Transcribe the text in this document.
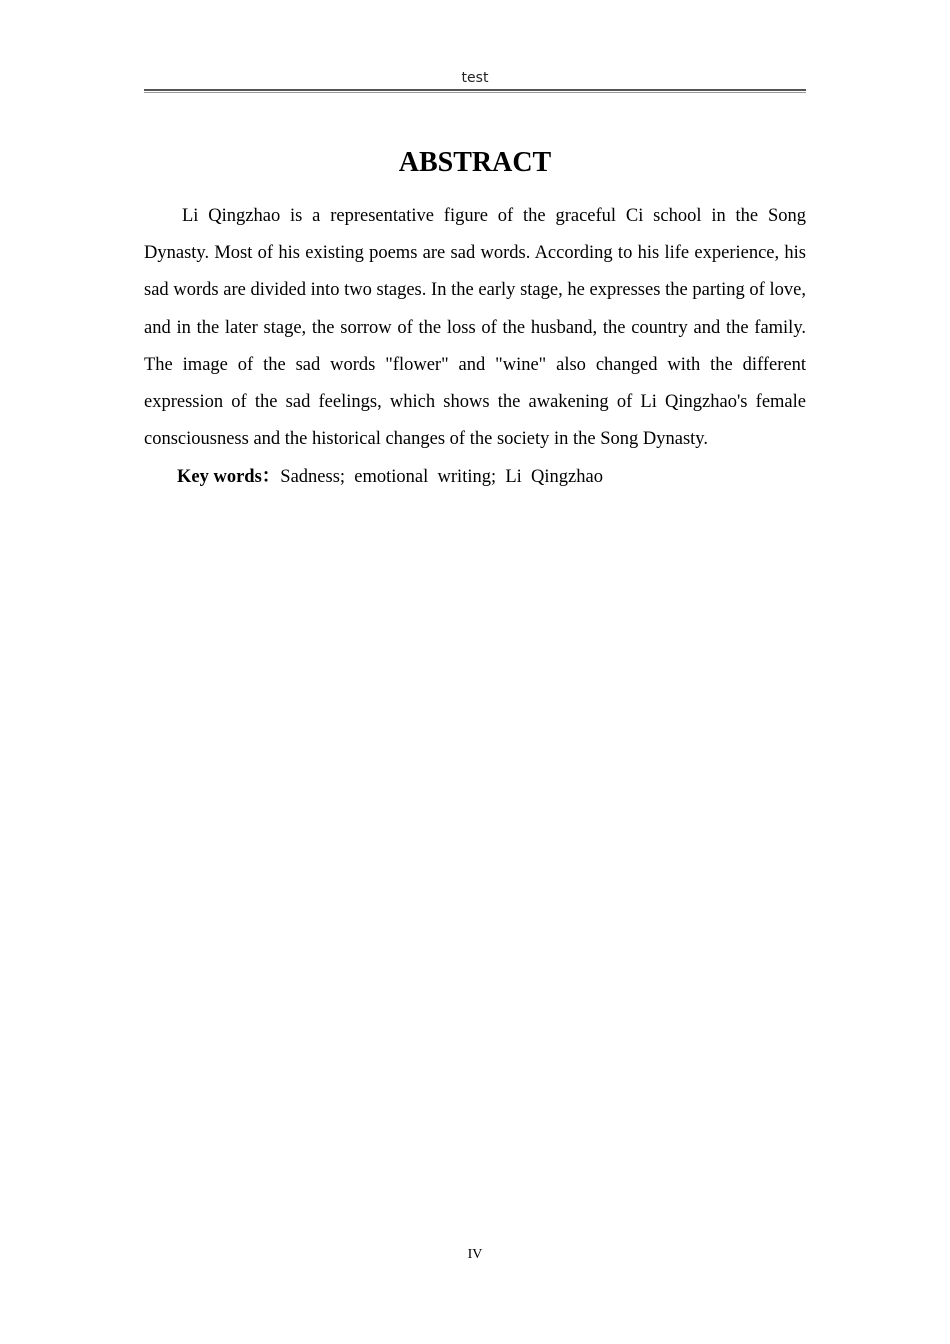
test
ABSTRACT

Li Qingzhao is a representative figure of the graceful Ci school in the Song Dynasty. Most of his existing poems are sad words. According to his life experience, his sad words are divided into two stages. In the early stage, he expresses the parting of love, and in the later stage, the sorrow of the loss of the husband, the country and the family. The image of the sad words "flower" and "wine" also changed with the different expression of the sad feelings, which shows the awakening of Li Qingzhao's female consciousness and the historical changes of the society in the Song Dynasty.

Key words：Sadness;  emotional  writing;  Li  Qingzhao

IV
